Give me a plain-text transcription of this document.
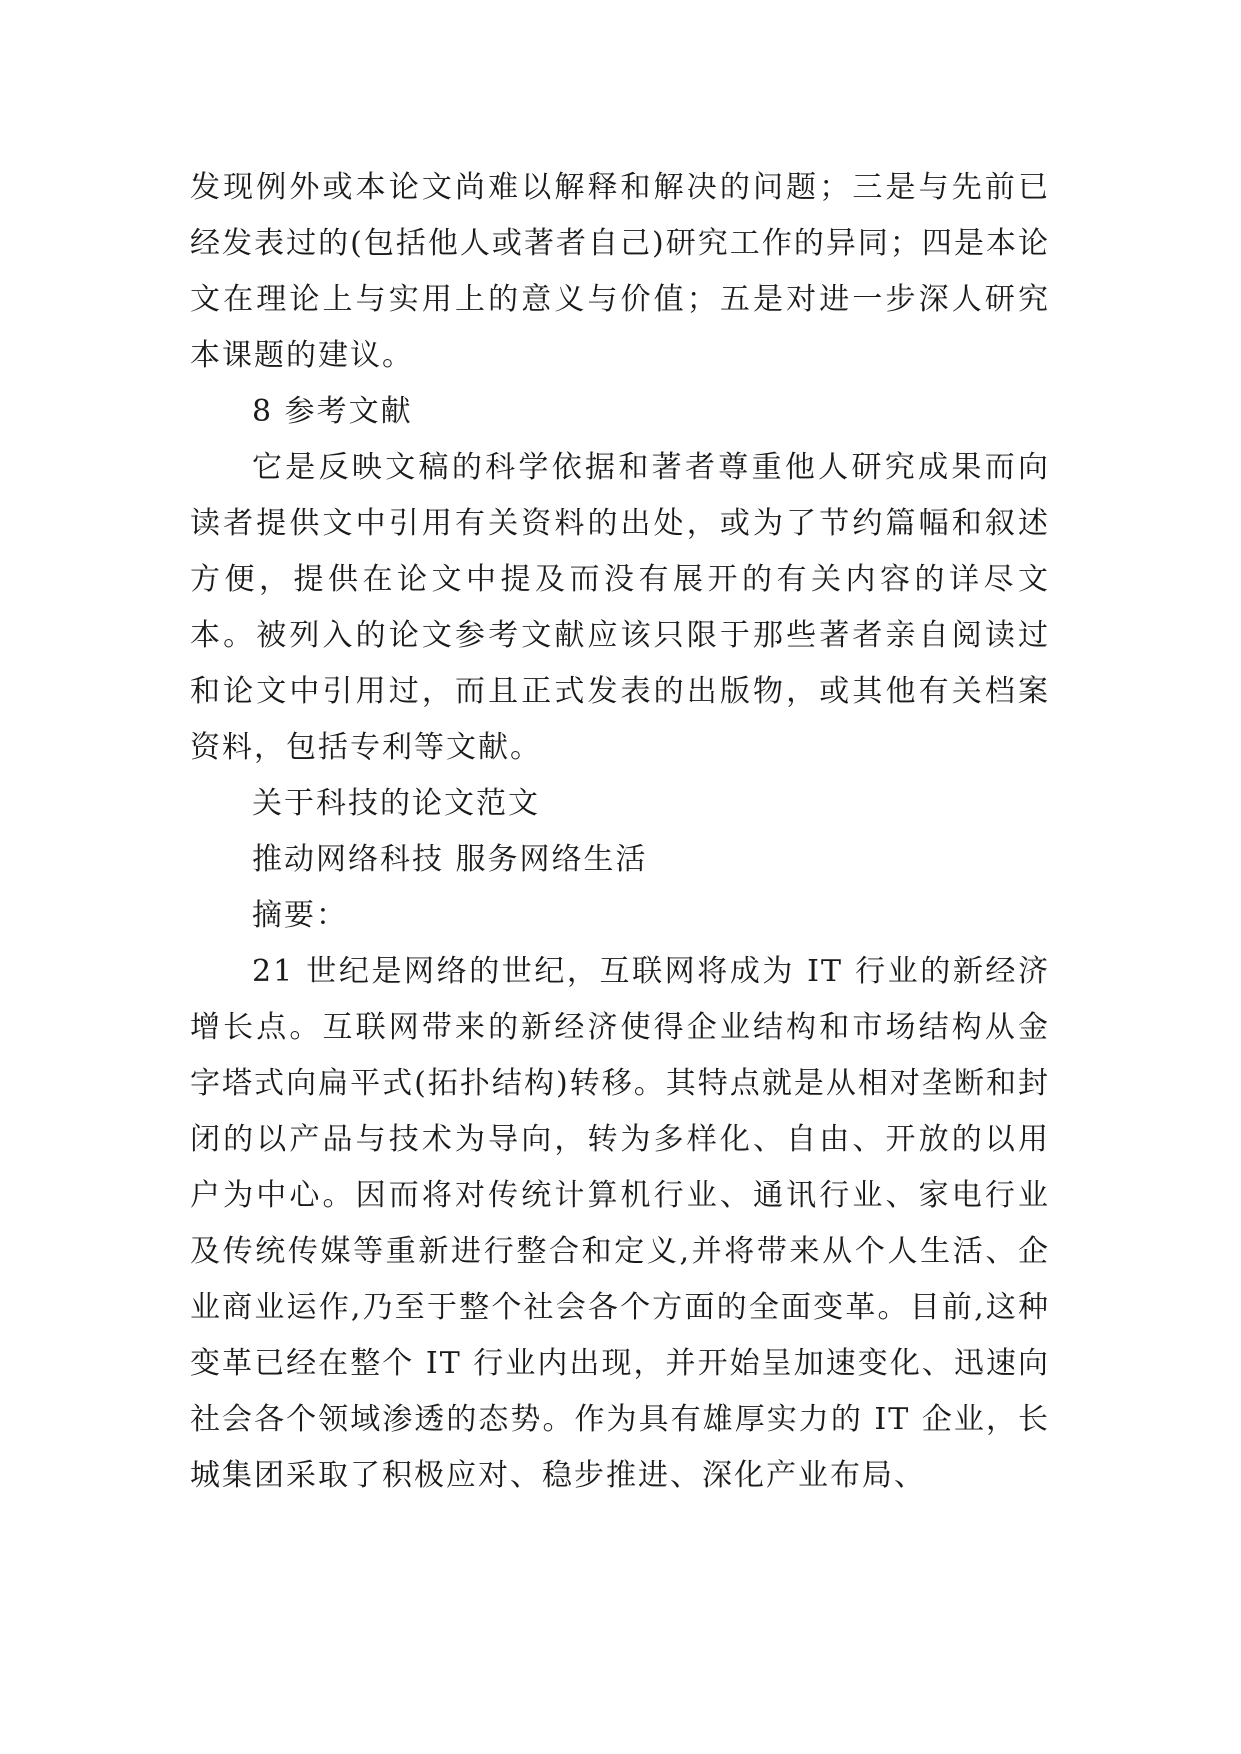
发现例外或本论文尚难以解释和解决的问题；三是与先前已经发表过的(包括他人或著者自己)研究工作的异同；四是本论文在理论上与实用上的意义与价值；五是对进一步深人研究本课题的建议。

8 参考文献

它是反映文稿的科学依据和著者尊重他人研究成果而向读者提供文中引用有关资料的出处，或为了节约篇幅和叙述方便，提供在论文中提及而没有展开的有关内容的详尽文本。被列入的论文参考文献应该只限于那些著者亲自阅读过和论文中引用过，而且正式发表的出版物，或其他有关档案资料，包括专利等文献。

关于科技的论文范文

推动网络科技 服务网络生活

摘要：

21 世纪是网络的世纪，互联网将成为 IT 行业的新经济增长点。互联网带来的新经济使得企业结构和市场结构从金字塔式向扁平式(拓扑结构)转移。其特点就是从相对垄断和封闭的以产品与技术为导向，转为多样化、自由、开放的以用户为中心。因而将对传统计算机行业、通讯行业、家电行业及传统传媒等重新进行整合和定义,并将带来从个人生活、企业商业运作,乃至于整个社会各个方面的全面变革。目前,这种变革已经在整个 IT 行业内出现，并开始呈加速变化、迅速向社会各个领域渗透的态势。作为具有雄厚实力的 IT 企业，长城集团采取了积极应对、稳步推进、深化产业布局、
